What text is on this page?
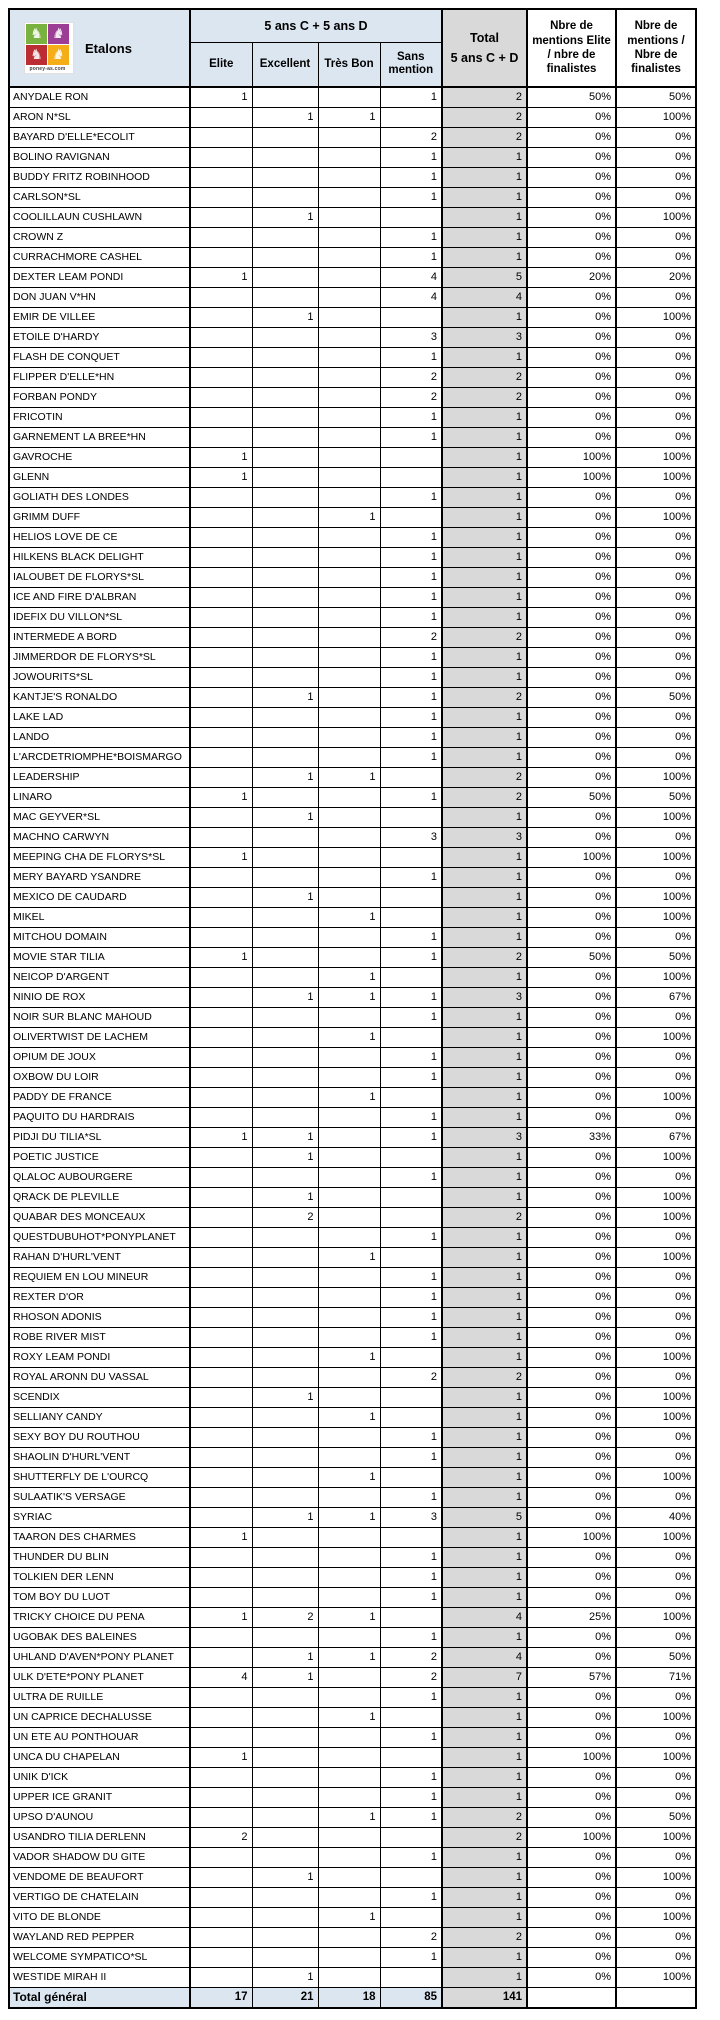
♞ ♞
♞ ♞
poney-as.com
Etalons
	5 ans C + 5 ans D	
Total
5 ans C + D
	Nbre de mentions Elite / nbre de finalistes	Nbre de mentions / Nbre de finalistes
	Elite	Excellent	Très Bon	Sans mention			
ANYDALE RON	1			1	2	50%	50%
ARON N*SL		1	1		2	0%	100%
BAYARD D'ELLE*ECOLIT				2	2	0%	0%
BOLINO RAVIGNAN				1	1	0%	0%
BUDDY FRITZ ROBINHOOD				1	1	0%	0%
CARLSON*SL				1	1	0%	0%
COOLILLAUN CUSHLAWN		1			1	0%	100%
CROWN Z				1	1	0%	0%
CURRACHMORE CASHEL				1	1	0%	0%
DEXTER LEAM PONDI	1			4	5	20%	20%
DON JUAN V*HN				4	4	0%	0%
EMIR DE VILLEE		1			1	0%	100%
ETOILE D'HARDY				3	3	0%	0%
FLASH DE CONQUET				1	1	0%	0%
FLIPPER D'ELLE*HN				2	2	0%	0%
FORBAN PONDY				2	2	0%	0%
FRICOTIN				1	1	0%	0%
GARNEMENT LA BREE*HN				1	1	0%	0%
GAVROCHE	1				1	100%	100%
GLENN	1				1	100%	100%
GOLIATH DES LONDES				1	1	0%	0%
GRIMM DUFF			1		1	0%	100%
HELIOS LOVE DE CE				1	1	0%	0%
HILKENS BLACK DELIGHT				1	1	0%	0%
IALOUBET DE FLORYS*SL				1	1	0%	0%
ICE AND FIRE D'ALBRAN				1	1	0%	0%
IDEFIX DU VILLON*SL				1	1	0%	0%
INTERMEDE A BORD				2	2	0%	0%
JIMMERDOR DE FLORYS*SL				1	1	0%	0%
JOWOURITS*SL				1	1	0%	0%
KANTJE'S RONALDO		1		1	2	0%	50%
LAKE LAD				1	1	0%	0%
LANDO				1	1	0%	0%
L'ARCDETRIOMPHE*BOISMARGO				1	1	0%	0%
LEADERSHIP		1	1		2	0%	100%
LINARO	1			1	2	50%	50%
MAC GEYVER*SL		1			1	0%	100%
MACHNO CARWYN				3	3	0%	0%
MEEPING CHA DE FLORYS*SL	1				1	100%	100%
MERY BAYARD YSANDRE				1	1	0%	0%
MEXICO DE CAUDARD		1			1	0%	100%
MIKEL			1		1	0%	100%
MITCHOU DOMAIN				1	1	0%	0%
MOVIE STAR TILIA	1			1	2	50%	50%
NEICOP D'ARGENT			1		1	0%	100%
NINIO DE ROX		1	1	1	3	0%	67%
NOIR SUR BLANC MAHOUD				1	1	0%	0%
OLIVERTWIST DE LACHEM			1		1	0%	100%
OPIUM DE JOUX				1	1	0%	0%
OXBOW DU LOIR				1	1	0%	0%
PADDY DE FRANCE			1		1	0%	100%
PAQUITO DU HARDRAIS				1	1	0%	0%
PIDJI DU TILIA*SL	1	1		1	3	33%	67%
POETIC JUSTICE		1			1	0%	100%
QLALOC AUBOURGERE				1	1	0%	0%
QRACK DE PLEVILLE		1			1	0%	100%
QUABAR DES MONCEAUX		2			2	0%	100%
QUESTDUBUHOT*PONYPLANET				1	1	0%	0%
RAHAN D'HURL'VENT			1		1	0%	100%
REQUIEM EN LOU MINEUR				1	1	0%	0%
REXTER D'OR				1	1	0%	0%
RHOSON ADONIS				1	1	0%	0%
ROBE RIVER MIST				1	1	0%	0%
ROXY LEAM PONDI			1		1	0%	100%
ROYAL ARONN DU VASSAL				2	2	0%	0%
SCENDIX		1			1	0%	100%
SELLIANY CANDY			1		1	0%	100%
SEXY BOY DU ROUTHOU				1	1	0%	0%
SHAOLIN D'HURL'VENT				1	1	0%	0%
SHUTTERFLY DE L'OURCQ			1		1	0%	100%
SULAATIK'S VERSAGE				1	1	0%	0%
SYRIAC		1	1	3	5	0%	40%
TAARON DES CHARMES	1				1	100%	100%
THUNDER DU BLIN				1	1	0%	0%
TOLKIEN DER LENN				1	1	0%	0%
TOM BOY DU LUOT				1	1	0%	0%
TRICKY CHOICE DU PENA	1	2	1		4	25%	100%
UGOBAK DES BALEINES				1	1	0%	0%
UHLAND D'AVEN*PONY PLANET		1	1	2	4	0%	50%
ULK D'ETE*PONY PLANET	4	1		2	7	57%	71%
ULTRA DE RUILLE				1	1	0%	0%
UN CAPRICE DECHALUSSE			1		1	0%	100%
UN ETE AU PONTHOUAR				1	1	0%	0%
UNCA DU CHAPELAN	1				1	100%	100%
UNIK D'ICK				1	1	0%	0%
UPPER ICE GRANIT				1	1	0%	0%
UPSO D'AUNOU			1	1	2	0%	50%
USANDRO TILIA DERLENN	2				2	100%	100%
VADOR SHADOW DU GITE				1	1	0%	0%
VENDOME DE BEAUFORT		1			1	0%	100%
VERTIGO DE CHATELAIN				1	1	0%	0%
VITO DE BLONDE			1		1	0%	100%
WAYLAND RED PEPPER				2	2	0%	0%
WELCOME SYMPATICO*SL				1	1	0%	0%
WESTIDE MIRAH II		1			1	0%	100%
Total général	17	21	18	85	141		
